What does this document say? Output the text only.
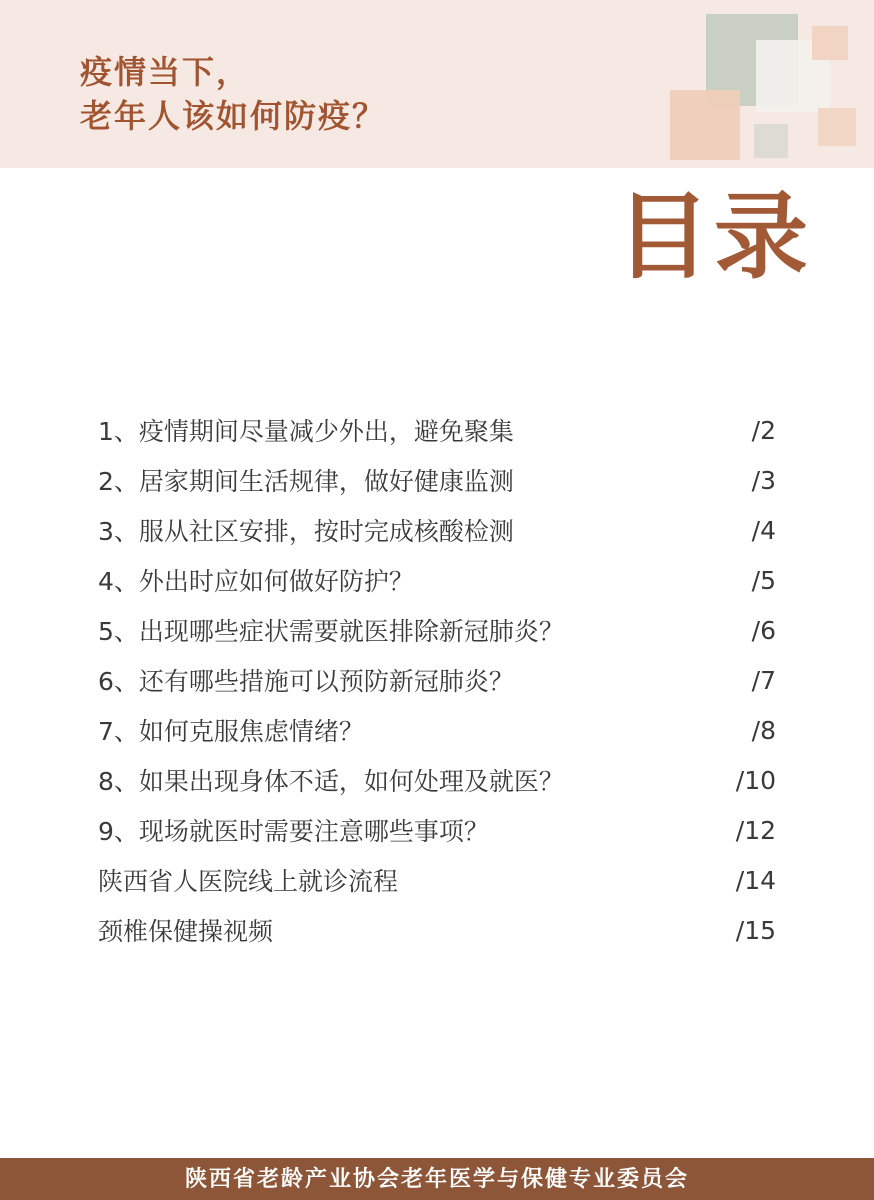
疫情当下，
老年人该如何防疫？
目录
1、疫情期间尽量减少外出，避免聚集	/2
2、居家期间生活规律，做好健康监测	/3
3、服从社区安排，按时完成核酸检测	/4
4、外出时应如何做好防护？	/5
5、出现哪些症状需要就医排除新冠肺炎？	/6
6、还有哪些措施可以预防新冠肺炎？	/7
7、如何克服焦虑情绪？	/8
8、如果出现身体不适，如何处理及就医？	/10
9、现场就医时需要注意哪些事项？	/12
陕西省人医院线上就诊流程	/14
颈椎保健操视频	/15
陕西省老龄产业协会老年医学与保健专业委员会
